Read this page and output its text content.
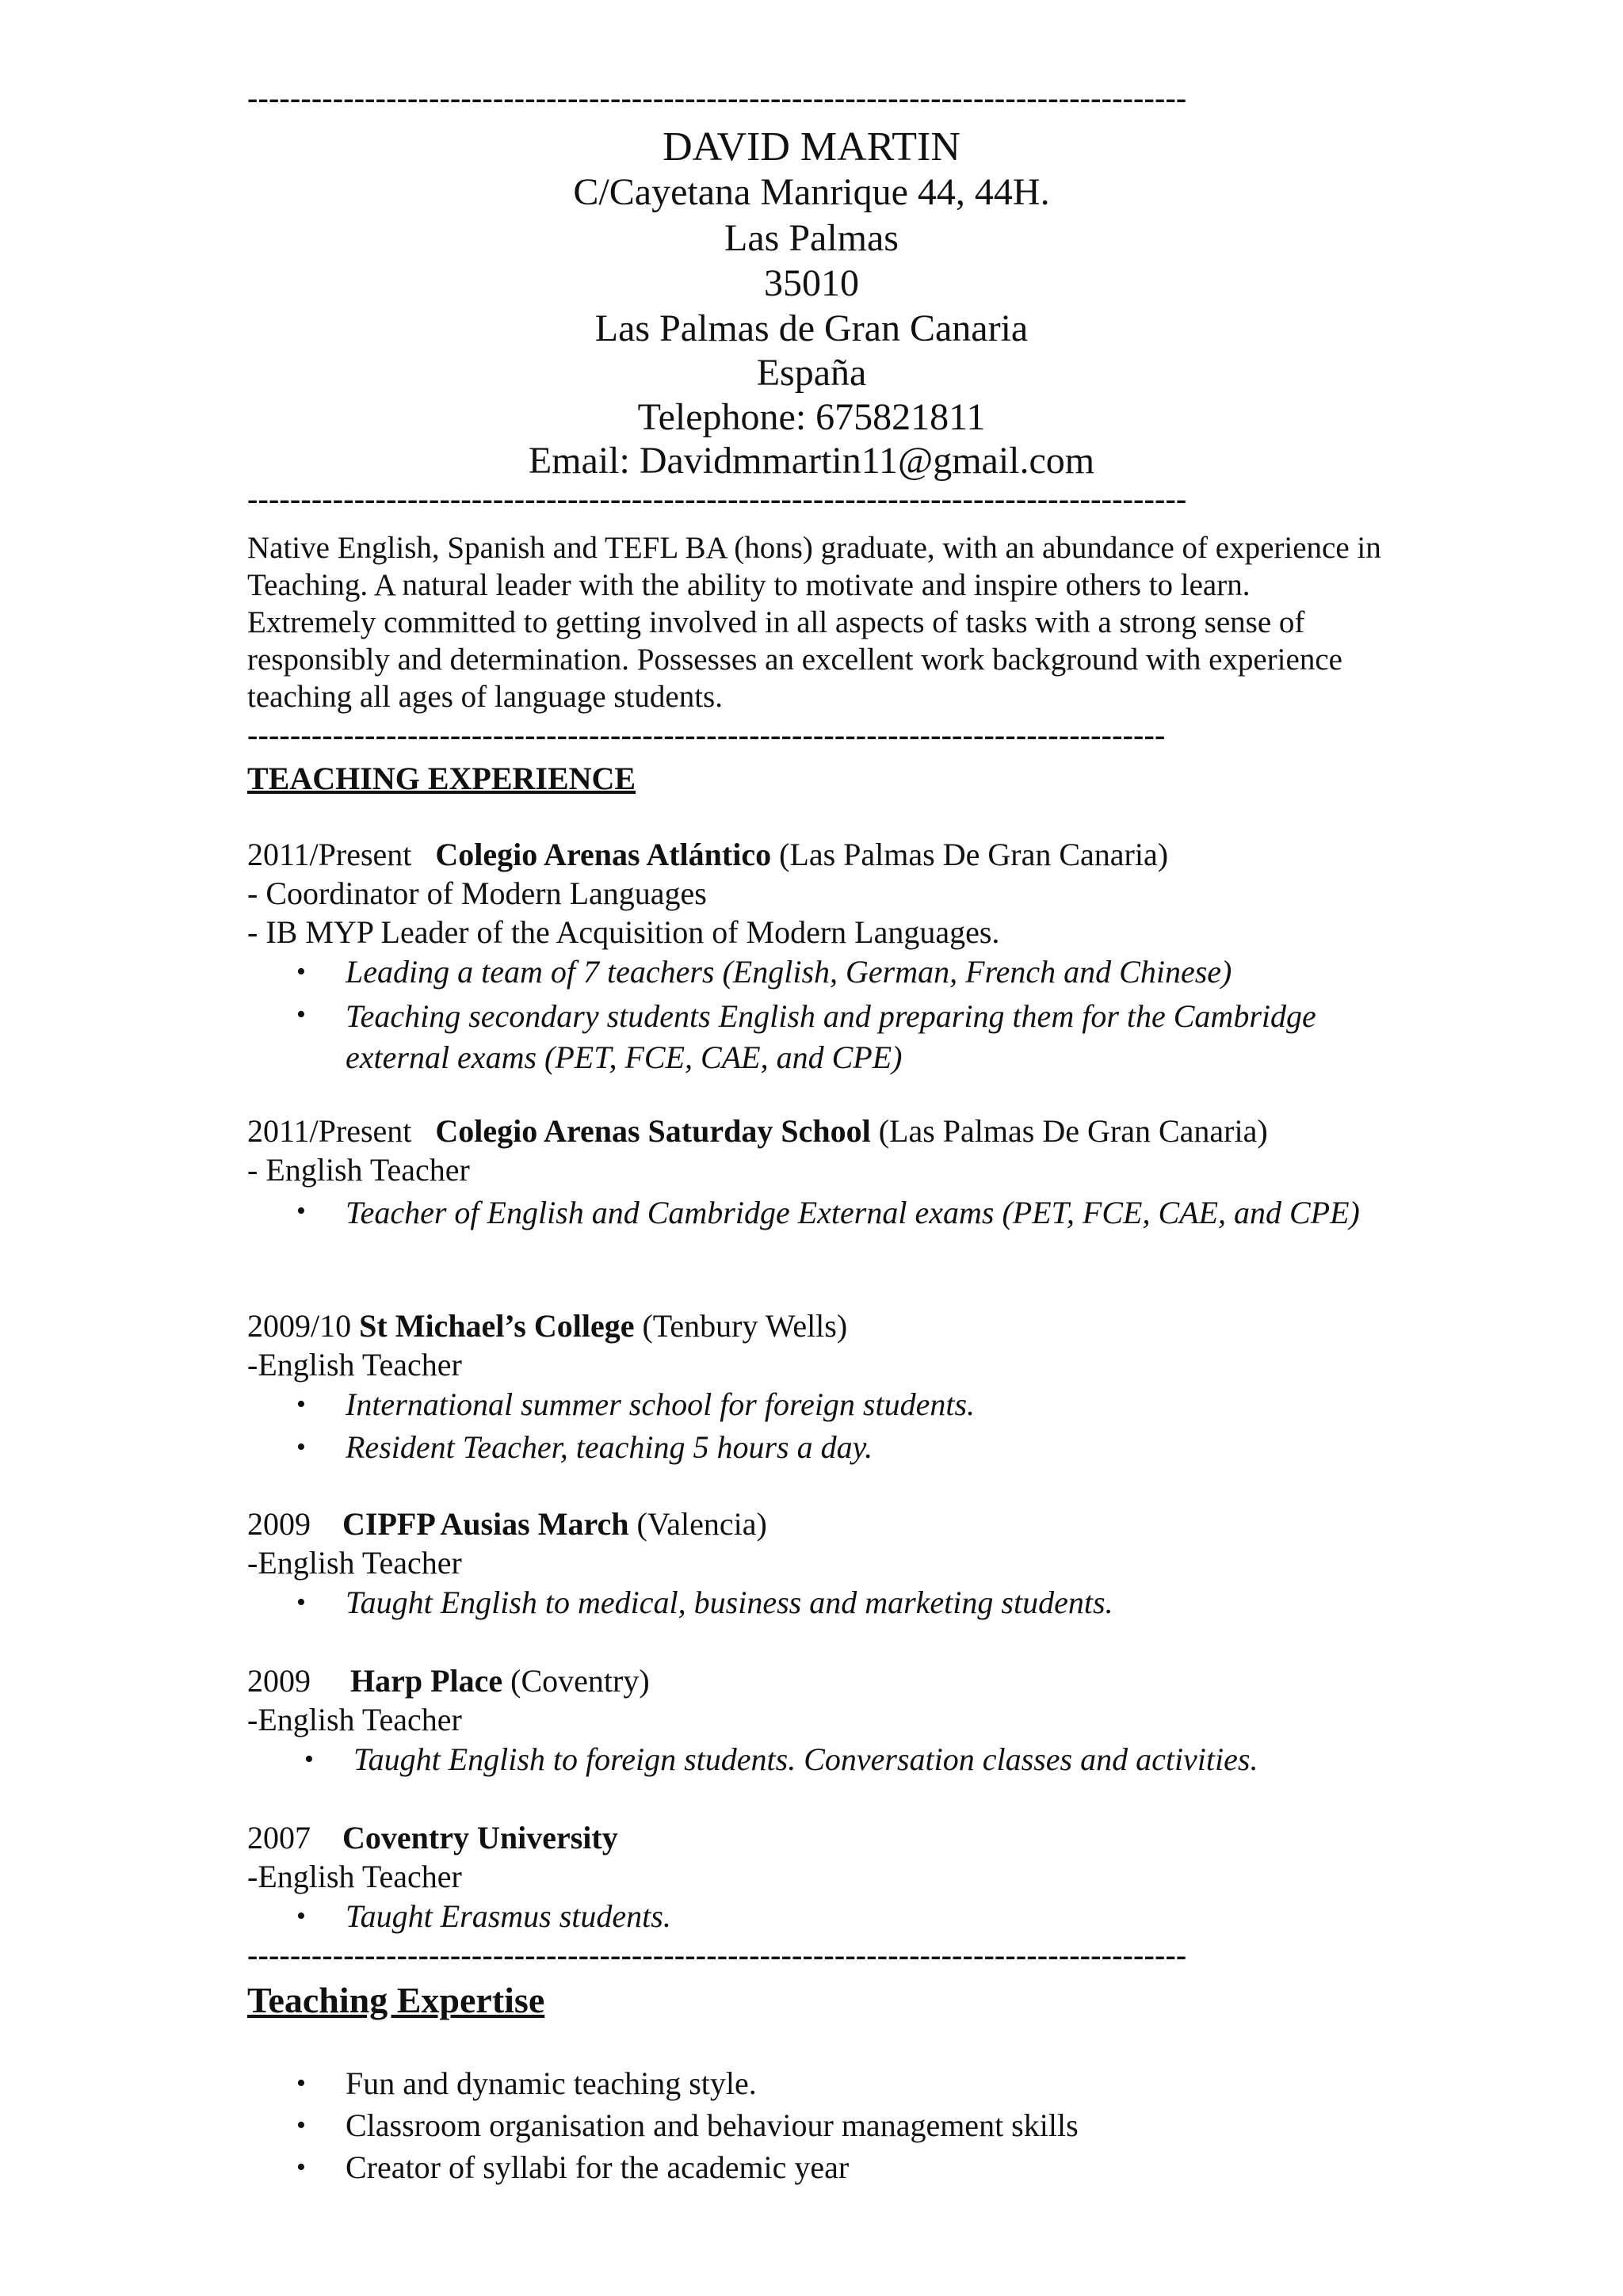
----------------------------------------------------------------------------------------
DAVID MARTIN
C/Cayetana Manrique 44, 44H.
Las Palmas
35010
Las Palmas de Gran Canaria
España
Telephone: 675821811
Email: Davidmmartin11@gmail.com
----------------------------------------------------------------------------------------
Native English, Spanish and TEFL BA (hons) graduate, with an abundance of experience in Teaching. A natural leader with the ability to motivate and inspire others to learn. Extremely committed to getting involved in all aspects of tasks with a strong sense of responsibly and determination. Possesses an excellent work background with experience teaching all ages of language students.
--------------------------------------------------------------------------------------
TEACHING EXPERIENCE
2011/Present Colegio Arenas Atlántico (Las Palmas De Gran Canaria)
- Coordinator of Modern Languages
- IB MYP Leader of the Acquisition of Modern Languages.
• Leading a team of 7 teachers (English, German, French and Chinese)
• Teaching secondary students English and preparing them for the Cambridge external exams (PET, FCE, CAE, and CPE)
2011/Present Colegio Arenas Saturday School (Las Palmas De Gran Canaria)
- English Teacher
• Teacher of English and Cambridge External exams (PET, FCE, CAE, and CPE)
2009/10 St Michael’s College (Tenbury Wells)
-English Teacher
• International summer school for foreign students.
• Resident Teacher, teaching 5 hours a day.
2009 CIPFP Ausias March (Valencia)
-English Teacher
• Taught English to medical, business and marketing students.
2009 Harp Place (Coventry)
-English Teacher
• Taught English to foreign students. Conversation classes and activities.
2007 Coventry University
-English Teacher
• Taught Erasmus students.
----------------------------------------------------------------------------------------
Teaching Expertise
• Fun and dynamic teaching style.
• Classroom organisation and behaviour management skills
• Creator of syllabi for the academic year
